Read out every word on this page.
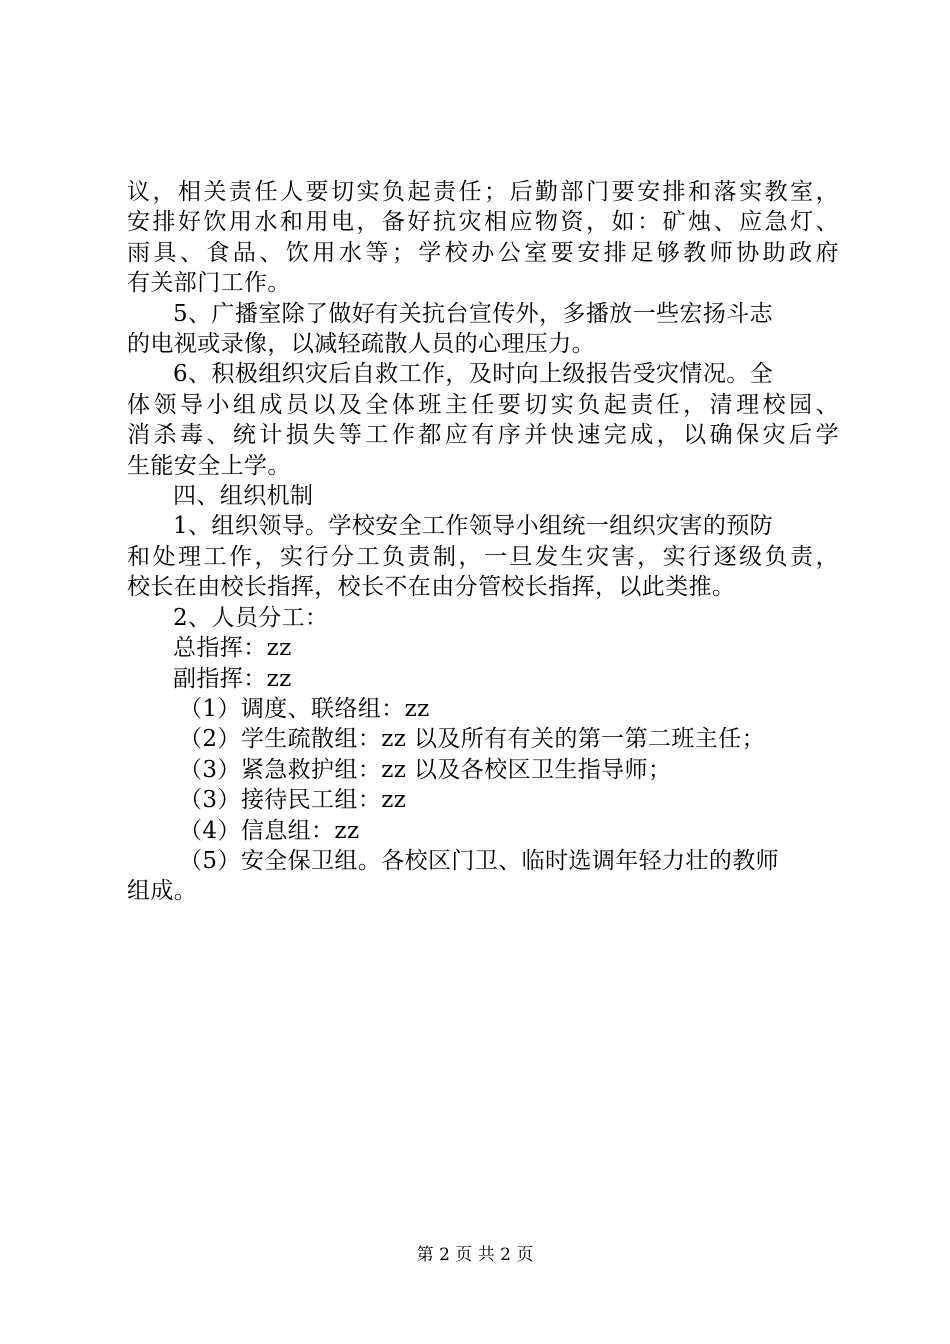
议，相关责任人要切实负起责任；后勤部门要安排和落实教室，

安排好饮用水和用电，备好抗灾相应物资，如：矿烛、应急灯、

雨具、食品、饮用水等；学校办公室要安排足够教师协助政府

有关部门工作。

5、广播室除了做好有关抗台宣传外，多播放一些宏扬斗志

的电视或录像，以减轻疏散人员的心理压力。

6、积极组织灾后自救工作，及时向上级报告受灾情况。全

体领导小组成员以及全体班主任要切实负起责任，清理校园、

消杀毒、统计损失等工作都应有序并快速完成，以确保灾后学

生能安全上学。

四、组织机制

1、组织领导。学校安全工作领导小组统一组织灾害的预防

和处理工作，实行分工负责制，一旦发生灾害，实行逐级负责，

校长在由校长指挥，校长不在由分管校长指挥，以此类推。

2、人员分工：

总指挥：zz

副指挥：zz

（1）调度、联络组：zz

（2）学生疏散组：zz 以及所有有关的第一第二班主任；

（3）紧急救护组：zz 以及各校区卫生指导师；

（3）接待民工组：zz

（4）信息组：zz

（5）安全保卫组。各校区门卫、临时选调年轻力壮的教师

组成。

第 2 页 共 2 页
